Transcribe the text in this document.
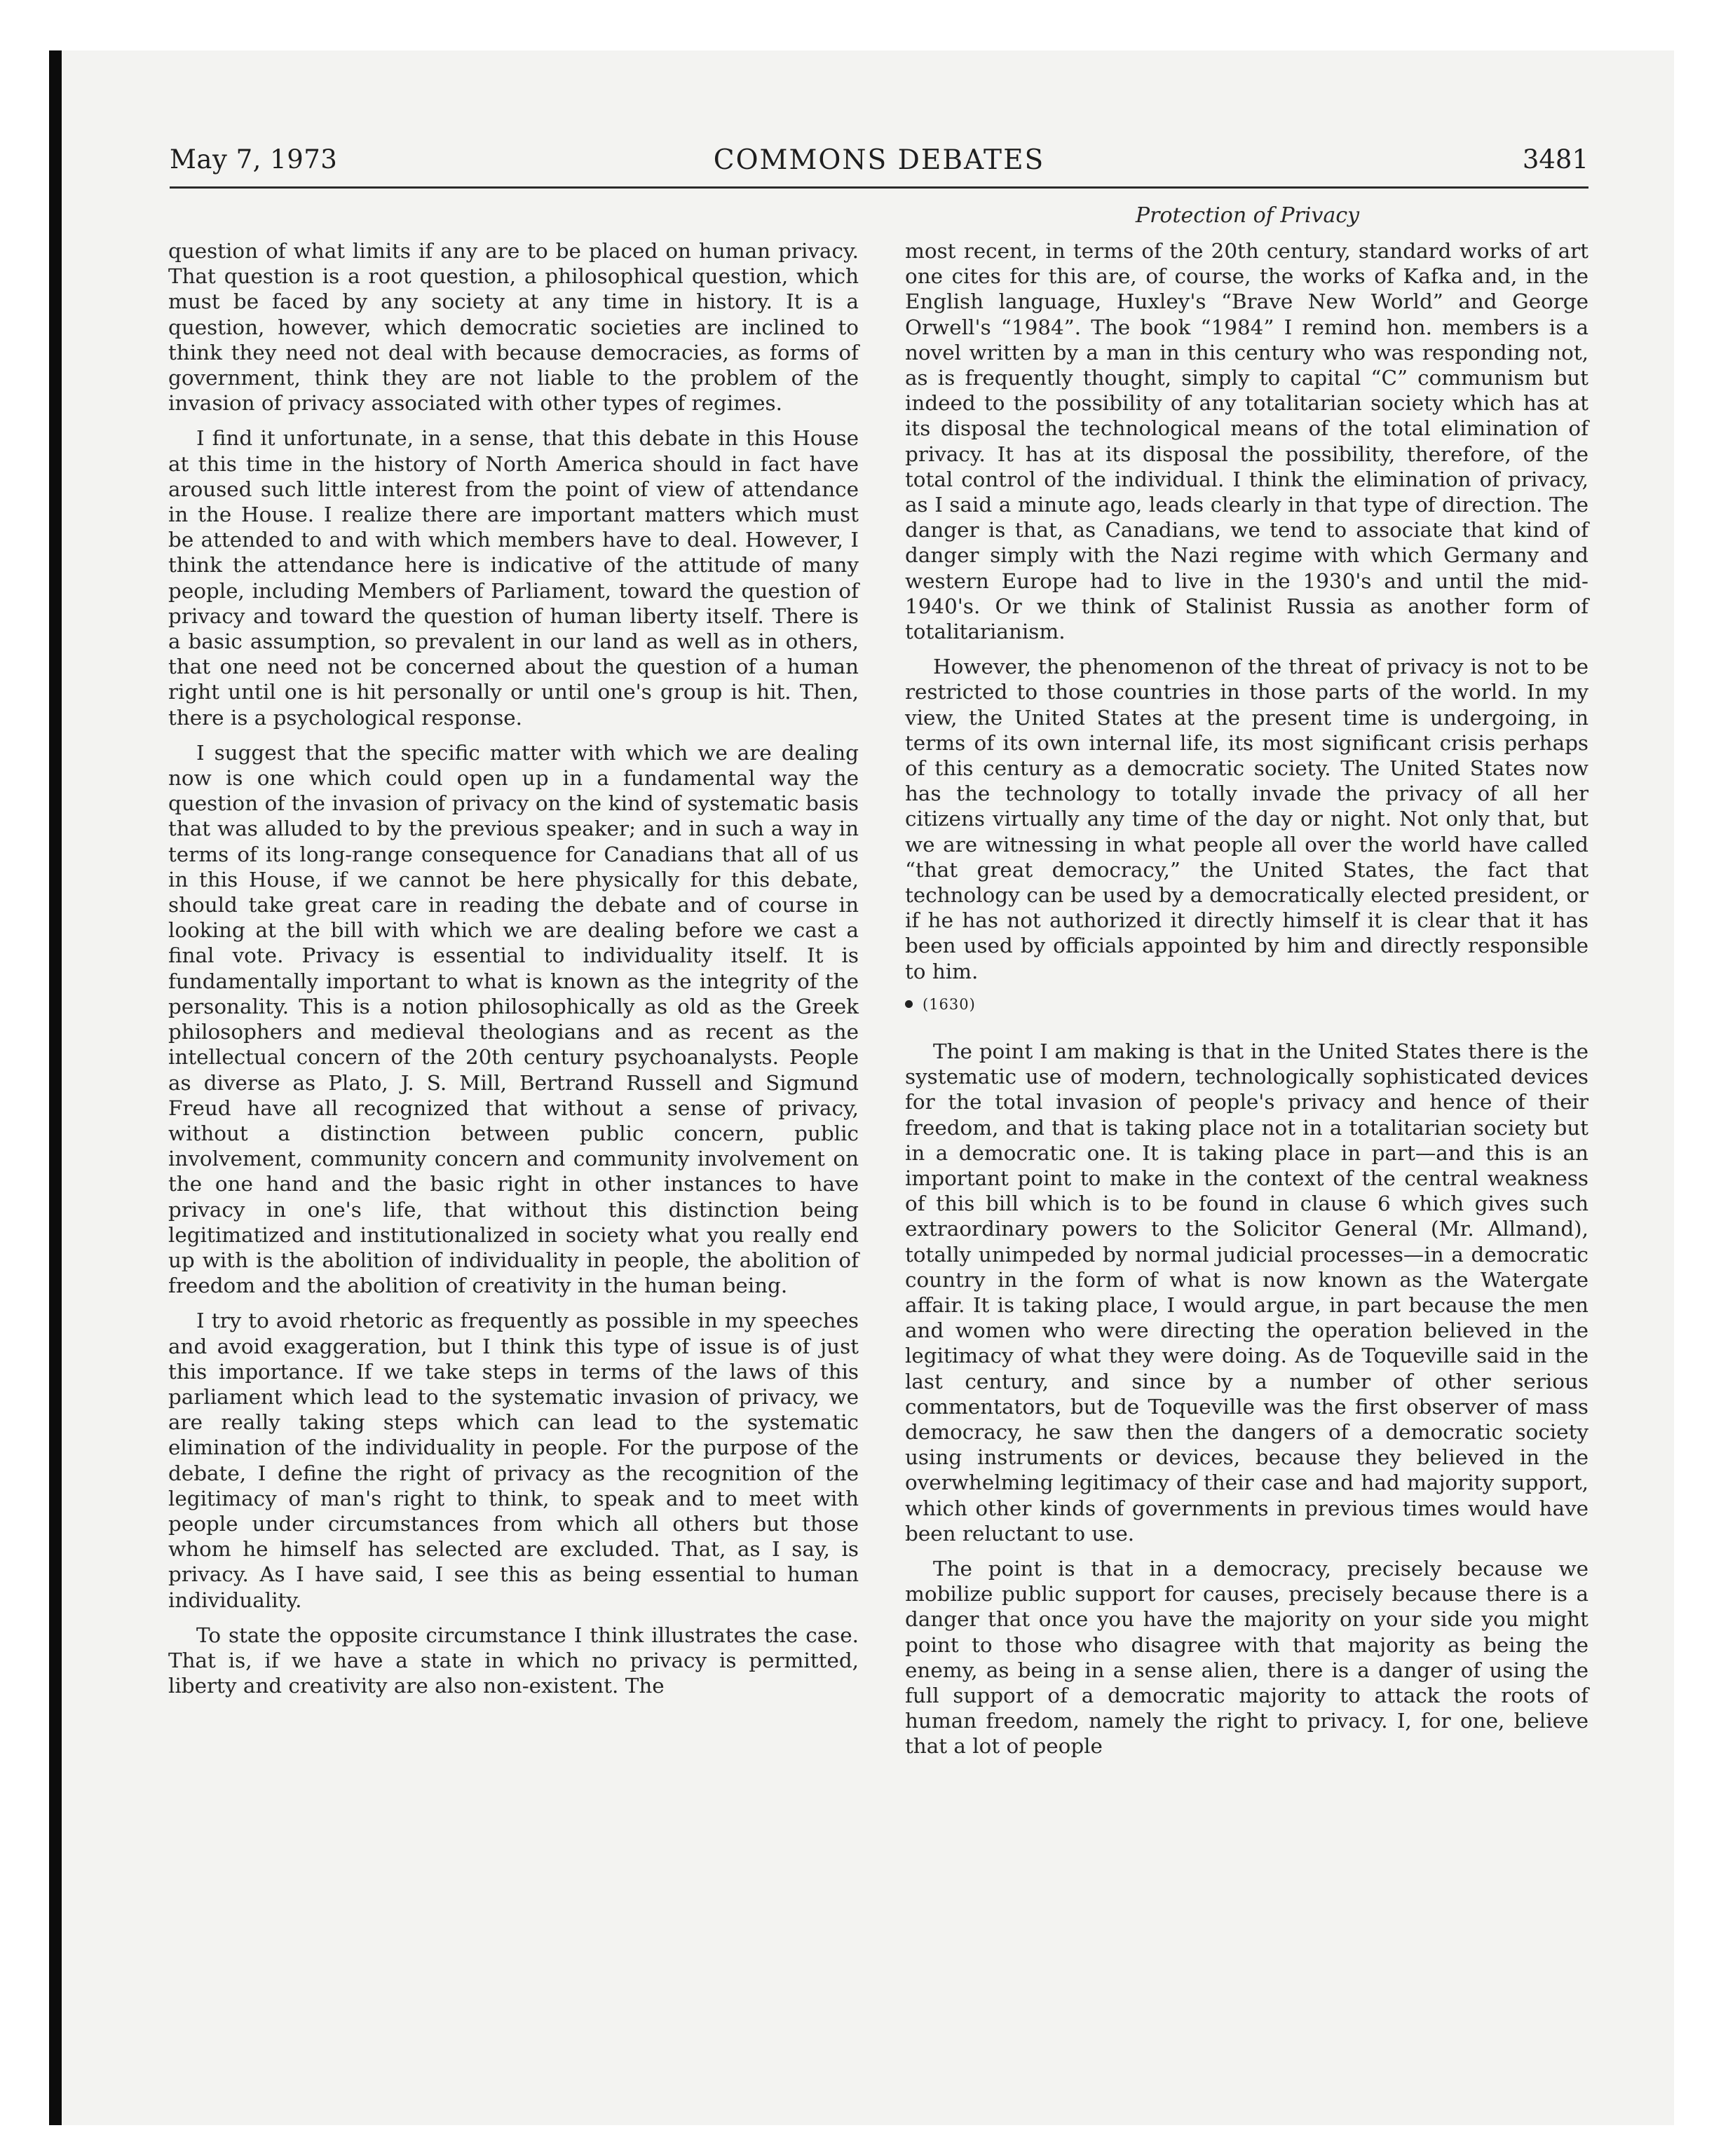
May 7, 1973	COMMONS DEBATES	3481
Protection of Privacy

question of what limits if any are to be placed on human privacy. That question is a root question, a philosophical question, which must be faced by any society at any time in history. It is a question, however, which democratic societies are inclined to think they need not deal with because democracies, as forms of government, think they are not liable to the problem of the invasion of privacy associated with other types of regimes.

I find it unfortunate, in a sense, that this debate in this House at this time in the history of North America should in fact have aroused such little interest from the point of view of attendance in the House. I realize there are important matters which must be attended to and with which members have to deal. However, I think the attendance here is indicative of the attitude of many people, including Members of Parliament, toward the question of privacy and toward the question of human liberty itself. There is a basic assumption, so prevalent in our land as well as in others, that one need not be concerned about the question of a human right until one is hit personally or until one's group is hit. Then, there is a psychological response.

I suggest that the specific matter with which we are dealing now is one which could open up in a fundamental way the question of the invasion of privacy on the kind of systematic basis that was alluded to by the previous speaker; and in such a way in terms of its long-range consequence for Canadians that all of us in this House, if we cannot be here physically for this debate, should take great care in reading the debate and of course in looking at the bill with which we are dealing before we cast a final vote. Privacy is essential to individuality itself. It is fundamentally important to what is known as the integrity of the personality. This is a notion philosophically as old as the Greek philosophers and medieval theologians and as recent as the intellectual concern of the 20th century psychoanalysts. People as diverse as Plato, J. S. Mill, Bertrand Russell and Sigmund Freud have all recognized that without a sense of privacy, without a distinction between public concern, public involvement, community concern and community involvement on the one hand and the basic right in other instances to have privacy in one's life, that without this distinction being legitimatized and institutionalized in society what you really end up with is the abolition of individuality in people, the abolition of freedom and the abolition of creativity in the human being.

I try to avoid rhetoric as frequently as possible in my speeches and avoid exaggeration, but I think this type of issue is of just this importance. If we take steps in terms of the laws of this parliament which lead to the systematic invasion of privacy, we are really taking steps which can lead to the systematic elimination of the individuality in people. For the purpose of the debate, I define the right of privacy as the recognition of the legitimacy of man's right to think, to speak and to meet with people under circumstances from which all others but those whom he himself has selected are excluded. That, as I say, is privacy. As I have said, I see this as being essential to human individuality.

To state the opposite circumstance I think illustrates the case. That is, if we have a state in which no privacy is permitted, liberty and creativity are also non-existent. The

most recent, in terms of the 20th century, standard works of art one cites for this are, of course, the works of Kafka and, in the English language, Huxley's “Brave New World” and George Orwell's “1984”. The book “1984” I remind hon. members is a novel written by a man in this century who was responding not, as is frequently thought, simply to capital “C” communism but indeed to the possibility of any totalitarian society which has at its disposal the technological means of the total elimination of privacy. It has at its disposal the possibility, therefore, of the total control of the individual. I think the elimination of privacy, as I said a minute ago, leads clearly in that type of direction. The danger is that, as Canadians, we tend to associate that kind of danger simply with the Nazi regime with which Germany and western Europe had to live in the 1930's and until the mid-1940's. Or we think of Stalinist Russia as another form of totalitarianism.

However, the phenomenon of the threat of privacy is not to be restricted to those countries in those parts of the world. In my view, the United States at the present time is undergoing, in terms of its own internal life, its most significant crisis perhaps of this century as a democratic society. The United States now has the technology to totally invade the privacy of all her citizens virtually any time of the day or night. Not only that, but we are witnessing in what people all over the world have called “that great democracy,” the United States, the fact that technology can be used by a democratically elected president, or if he has not authorized it directly himself it is clear that it has been used by officials appointed by him and directly responsible to him.

(1630)

The point I am making is that in the United States there is the systematic use of modern, technologically sophisticated devices for the total invasion of people's privacy and hence of their freedom, and that is taking place not in a totalitarian society but in a democratic one. It is taking place in part—and this is an important point to make in the context of the central weakness of this bill which is to be found in clause 6 which gives such extraordinary powers to the Solicitor General (Mr. Allmand), totally unimpeded by normal judicial processes—in a democratic country in the form of what is now known as the Watergate affair. It is taking place, I would argue, in part because the men and women who were directing the operation believed in the legitimacy of what they were doing. As de Toqueville said in the last century, and since by a number of other serious commentators, but de Toqueville was the first observer of mass democracy, he saw then the dangers of a democratic society using instruments or devices, because they believed in the overwhelming legitimacy of their case and had majority support, which other kinds of governments in previous times would have been reluctant to use.

The point is that in a democracy, precisely because we mobilize public support for causes, precisely because there is a danger that once you have the majority on your side you might point to those who disagree with that majority as being the enemy, as being in a sense alien, there is a danger of using the full support of a democratic majority to attack the roots of human freedom, namely the right to privacy. I, for one, believe that a lot of people
